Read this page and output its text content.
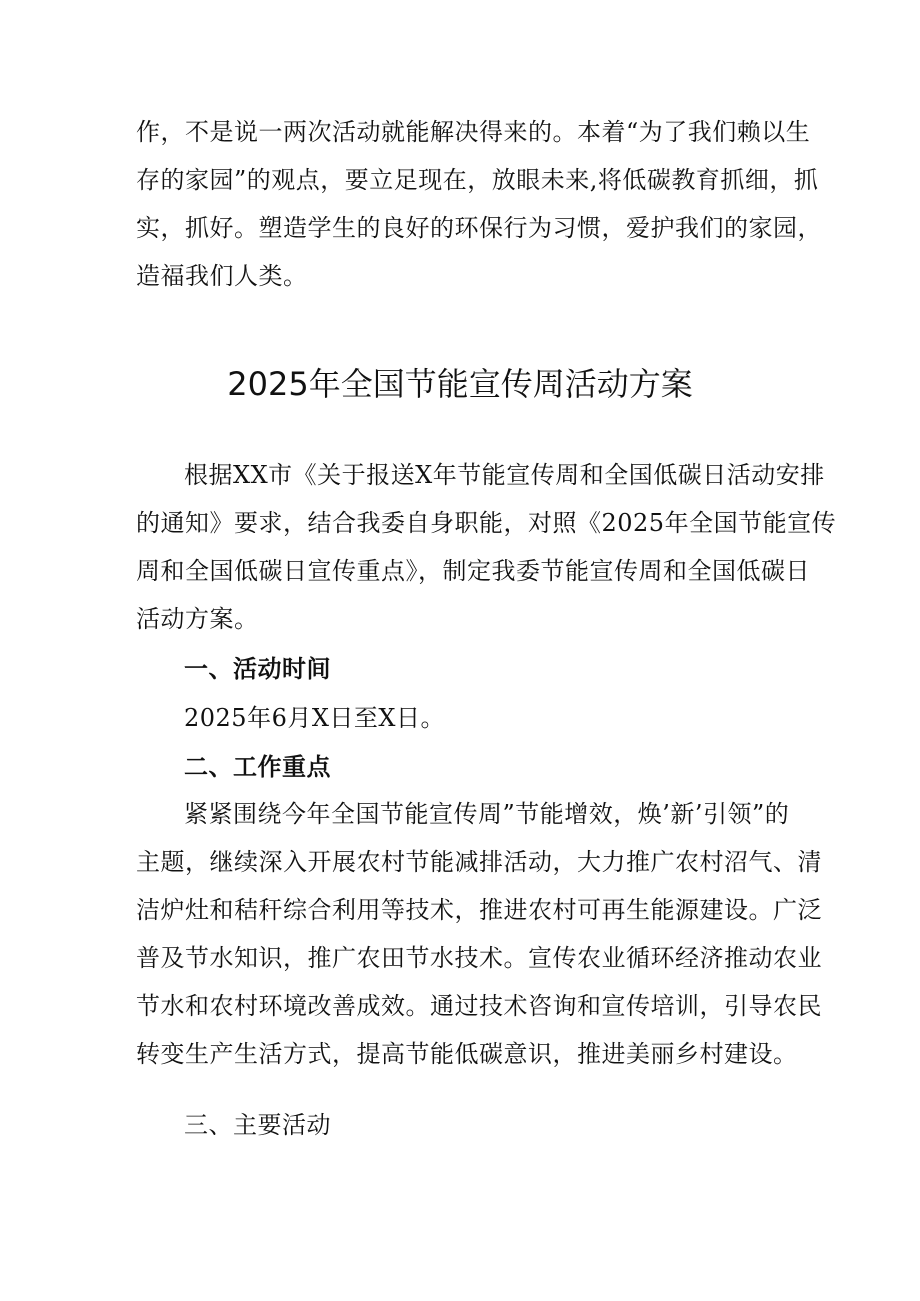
作，不是说一两次活动就能解决得来的。本着“为了我们赖以生
存的家园”的观点，要立足现在，放眼未来,将低碳教育抓细，抓
实，抓好。塑造学生的良好的环保行为习惯，爱护我们的家园，
造福我们人类。
2025年全国节能宣传周活动方案
根据XX市《关于报送X年节能宣传周和全国低碳日活动安排
的通知》要求，结合我委自身职能，对照《2025年全国节能宣传
周和全国低碳日宣传重点》，制定我委节能宣传周和全国低碳日
活动方案。
一、活动时间
2025年6月X日至X日。
二、工作重点
紧紧围绕今年全国节能宣传周”节能增效，焕’新’引领”的
主题，继续深入开展农村节能减排活动，大力推广农村沼气、清
洁炉灶和秸秆综合利用等技术，推进农村可再生能源建设。广泛
普及节水知识，推广农田节水技术。宣传农业循环经济推动农业
节水和农村环境改善成效。通过技术咨询和宣传培训，引导农民
转变生产生活方式，提高节能低碳意识，推进美丽乡村建设。
三、主要活动
